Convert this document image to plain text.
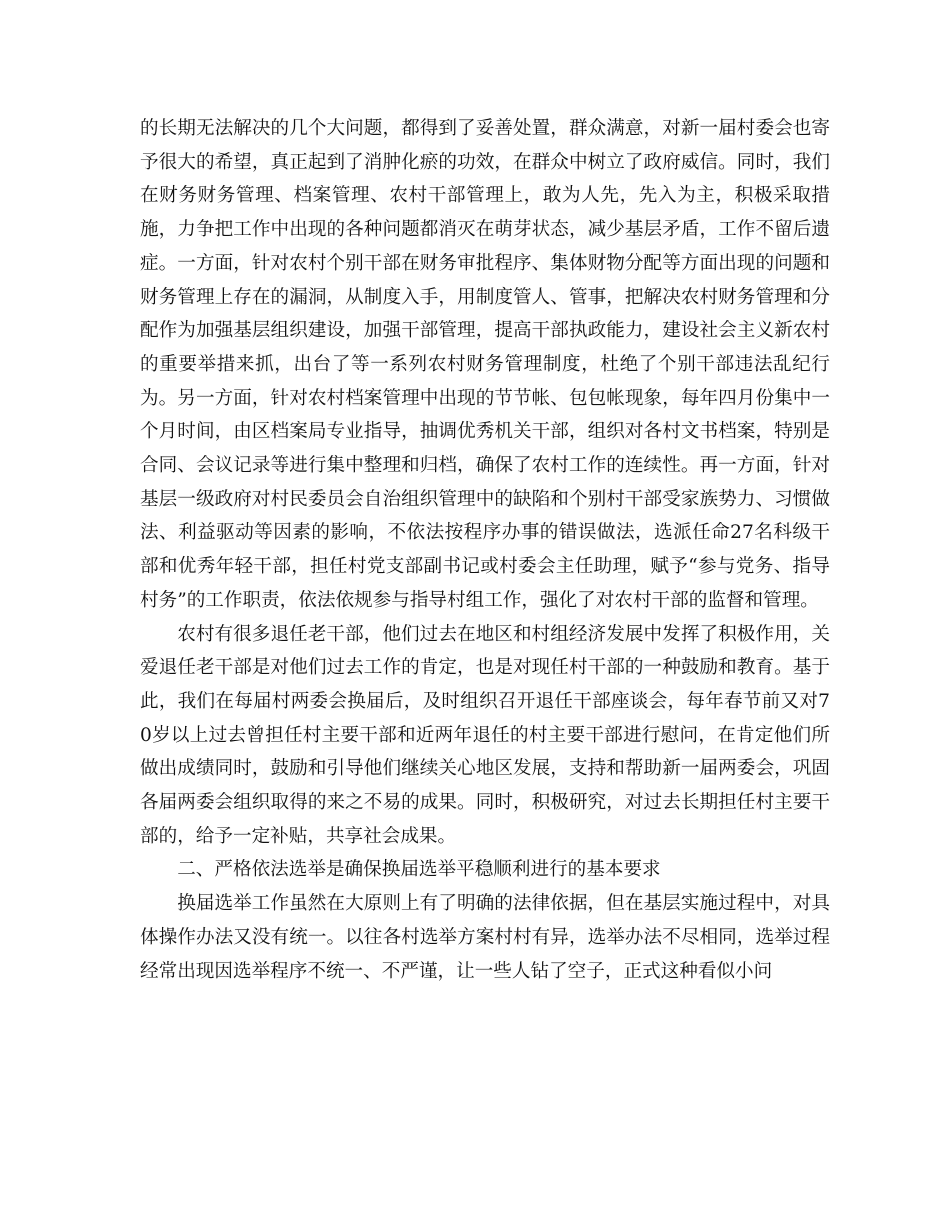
的长期无法解决的几个大问题，都得到了妥善处置，群众满意，对新一届村委会也寄予很大的希望，真正起到了消肿化瘀的功效，在群众中树立了政府威信。同时，我们在财务财务管理、档案管理、农村干部管理上，敢为人先，先入为主，积极采取措施，力争把工作中出现的各种问题都消灭在萌芽状态，减少基层矛盾，工作不留后遗症。一方面，针对农村个别干部在财务审批程序、集体财物分配等方面出现的问题和财务管理上存在的漏洞，从制度入手，用制度管人、管事，把解决农村财务管理和分配作为加强基层组织建设，加强干部管理，提高干部执政能力，建设社会主义新农村的重要举措来抓，出台了等一系列农村财务管理制度，杜绝了个别干部违法乱纪行为。另一方面，针对农村档案管理中出现的节节帐、包包帐现象，每年四月份集中一个月时间，由区档案局专业指导，抽调优秀机关干部，组织对各村文书档案，特别是合同、会议记录等进行集中整理和归档，确保了农村工作的连续性。再一方面，针对基层一级政府对村民委员会自治组织管理中的缺陷和个别村干部受家族势力、习惯做法、利益驱动等因素的影响，不依法按程序办事的错误做法，选派任命27名科级干部和优秀年轻干部，担任村党支部副书记或村委会主任助理，赋予“参与党务、指导村务”的工作职责，依法依规参与指导村组工作，强化了对农村干部的监督和管理。

农村有很多退任老干部，他们过去在地区和村组经济发展中发挥了积极作用，关爱退任老干部是对他们过去工作的肯定，也是对现任村干部的一种鼓励和教育。基于此，我们在每届村两委会换届后，及时组织召开退任干部座谈会，每年春节前又对70岁以上过去曾担任村主要干部和近两年退任的村主要干部进行慰问，在肯定他们所做出成绩同时，鼓励和引导他们继续关心地区发展，支持和帮助新一届两委会，巩固各届两委会组织取得的来之不易的成果。同时，积极研究，对过去长期担任村主要干部的，给予一定补贴，共享社会成果。

二、严格依法选举是确保换届选举平稳顺利进行的基本要求

换届选举工作虽然在大原则上有了明确的法律依据，但在基层实施过程中，对具体操作办法又没有统一。以往各村选举方案村村有异，选举办法不尽相同，选举过程经常出现因选举程序不统一、不严谨，让一些人钻了空子，正式这种看似小问
